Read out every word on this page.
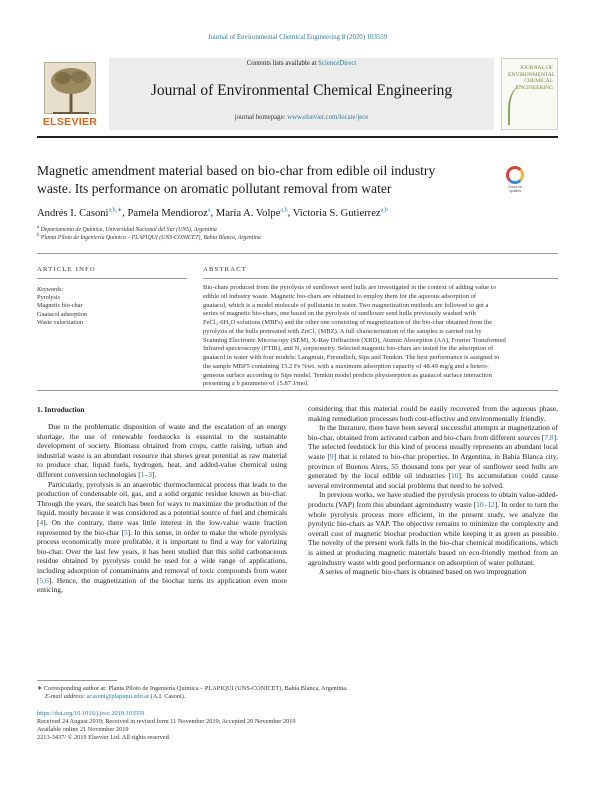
Journal of Environmental Chemical Engineering 8 (2020) 103559
ELSEVIER
Contents lists available at ScienceDirect
Journal of Environmental Chemical Engineering
journal homepage: www.elsevier.com/locate/jece
JOURNAL OF ENVIRONMENTAL CHEMICAL ENGINEERING
Magnetic amendment material based on bio-char from edible oil industry
waste. Its performance on aromatic pollutant removal from water	Check for updates
Andrés I. Casoni$^{a,b,∗}$, Pamela Mendioroz$^a$, María A. Volpe$^{a,b}$, Victoria S. Gutierrez$^{a,b}$
$^a$ Departamento de Química, Universidad Nacional del Sur (UNS), Argentina
$^b$ Planta Piloto de Ingeniería Química – PLAPIQUI (UNS-CONICET), Bahía Blanca, Argentina
ARTICLE INFO	ABSTRACT
Keywords:
Pyrolysis
Magnetic bio-char
Guaiacol adsorption
Waste valorization
Bio-chars produced from the pyrolysis of sunflower seed hulls are investigated in the context of adding value to
edible oil industry waste. Magnetic bio-chars are obtained to employ them for the aqueous adsorption of
guaiacol, which is a model molecule of pollutants in water. Two magnetization methods are followed to get a
series of magnetic bio-chars, one based on the pyrolysis of sunflower seed hulls previously washed with
FeCl₃·6H₂O solutions (MBFs) and the other one consisting of magnetization of the bio-char obtained from the
pyrolysis of the hulls pretreated with ZnCl₂ (MBZ). A full characterization of the samples is carried out by
Scanning Electronic Microscopy (SEM), X-Ray Diffraction (XRD), Atomic Absorption (AA), Fourier Transformed
Infrared spectroscopy (FTIR), and N₂ sorptometry. Selected magnetic bio-chars are tested for the adsorption of
guaiacol in water with four models: Langmuir, Freundlich, Sips and Temkin. The best performance is assigned to
the sample MBF5 containing 15.2 Fe %wt. with a maximum adsorption capacity of 48.49 mg/g and a hetero-
geneous surface according to Sips model. Temkin model predicts physisorption as guaiacol surface interaction
presenting a b parameter of 15.87 J/mol.
1. Introduction

Due to the problematic disposition of waste and the escalation of an energy shortage, the use of renewable feedstocks is essential to the sustainable development of society. Biomass obtained from crops, cattle raising, urban and industrial waste is an abundant resource that shows great potential as raw material to produce char, liquid fuels, hydrogen, heat, and added-value chemical using different conversion technologies [1–3].

Particularly, pyrolysis is an anaerobic thermochemical process that leads to the production of condensable oil, gas, and a solid organic residue known as bio-char. Through the years, the search has been for ways to maximize the production of the liquid, mostly because it was considered as a potential source of fuel and chemicals [4]. On the contrary, there was little interest in the low-value waste fraction represented by the bio-char [5]. In this sense, in order to make the whole pyrolysis process economically more profitable, it is important to find a way for valorizing bio-char. Over the last few years, it has been studied that this solid carbonaceous residue obtained by pyrolysis could be used for a wide range of applications, including adsorption of contaminants and removal of toxic compounds from water [5,6]. Hence, the magnetization of the biochar turns its application even more enticing,

considering that this material could be easily recovered from the aqueous phase, making remediation processes both cost-effective and environmentally friendly.

In the literature, there have been several successful attempts at magnetization of bio-char, obtained from activated carbon and bio-chars from different sources [7,8]. The selected feedstock for this kind of process usually represents an abundant local waste [9] that is related to bio-char properties. In Argentina, in Bahia Blanca city, province of Buenos Aires, 55 thousand tons per year of sunflower seed hulls are generated by the local edible oil industries [10]. Its accumulation could cause several environmental and social problems that need to be solved.

In previous works, we have studied the pyrolysis process to obtain value-added-products (VAP) from this abundant agroindustry waste [10–12]. In order to turn the whole pyrolysis process more efficient, in the present study, we analyze the pyrolytic bio-chars as VAP. The objective remains to minimize the complexity and overall cost of magnetic biochar production while keeping it as green as possible. The novelty of the present work falls in the bio-char chemical modifications, which is aimed at producing magnetic materials based on eco-friendly method from an agroindustry waste with good performance on adsorption of water pollutant.

A series of magnetic bio-chars is obtained based on two impregnation

∗ Corresponding author at: Planta Piloto de Ingeniería Química – PLAPIQUI (UNS-CONICET), Bahía Blanca, Argentina.
E-mail address: acasoni@plapiqui.edu.ar (A.I. Casoni).
https://doi.org/10.1016/j.jece.2019.103559
Received 24 August 2019; Received in revised form 11 November 2019; Accepted 20 November 2019
Available online 21 November 2019
2213-3437/ © 2019 Elsevier Ltd. All rights reserved.
